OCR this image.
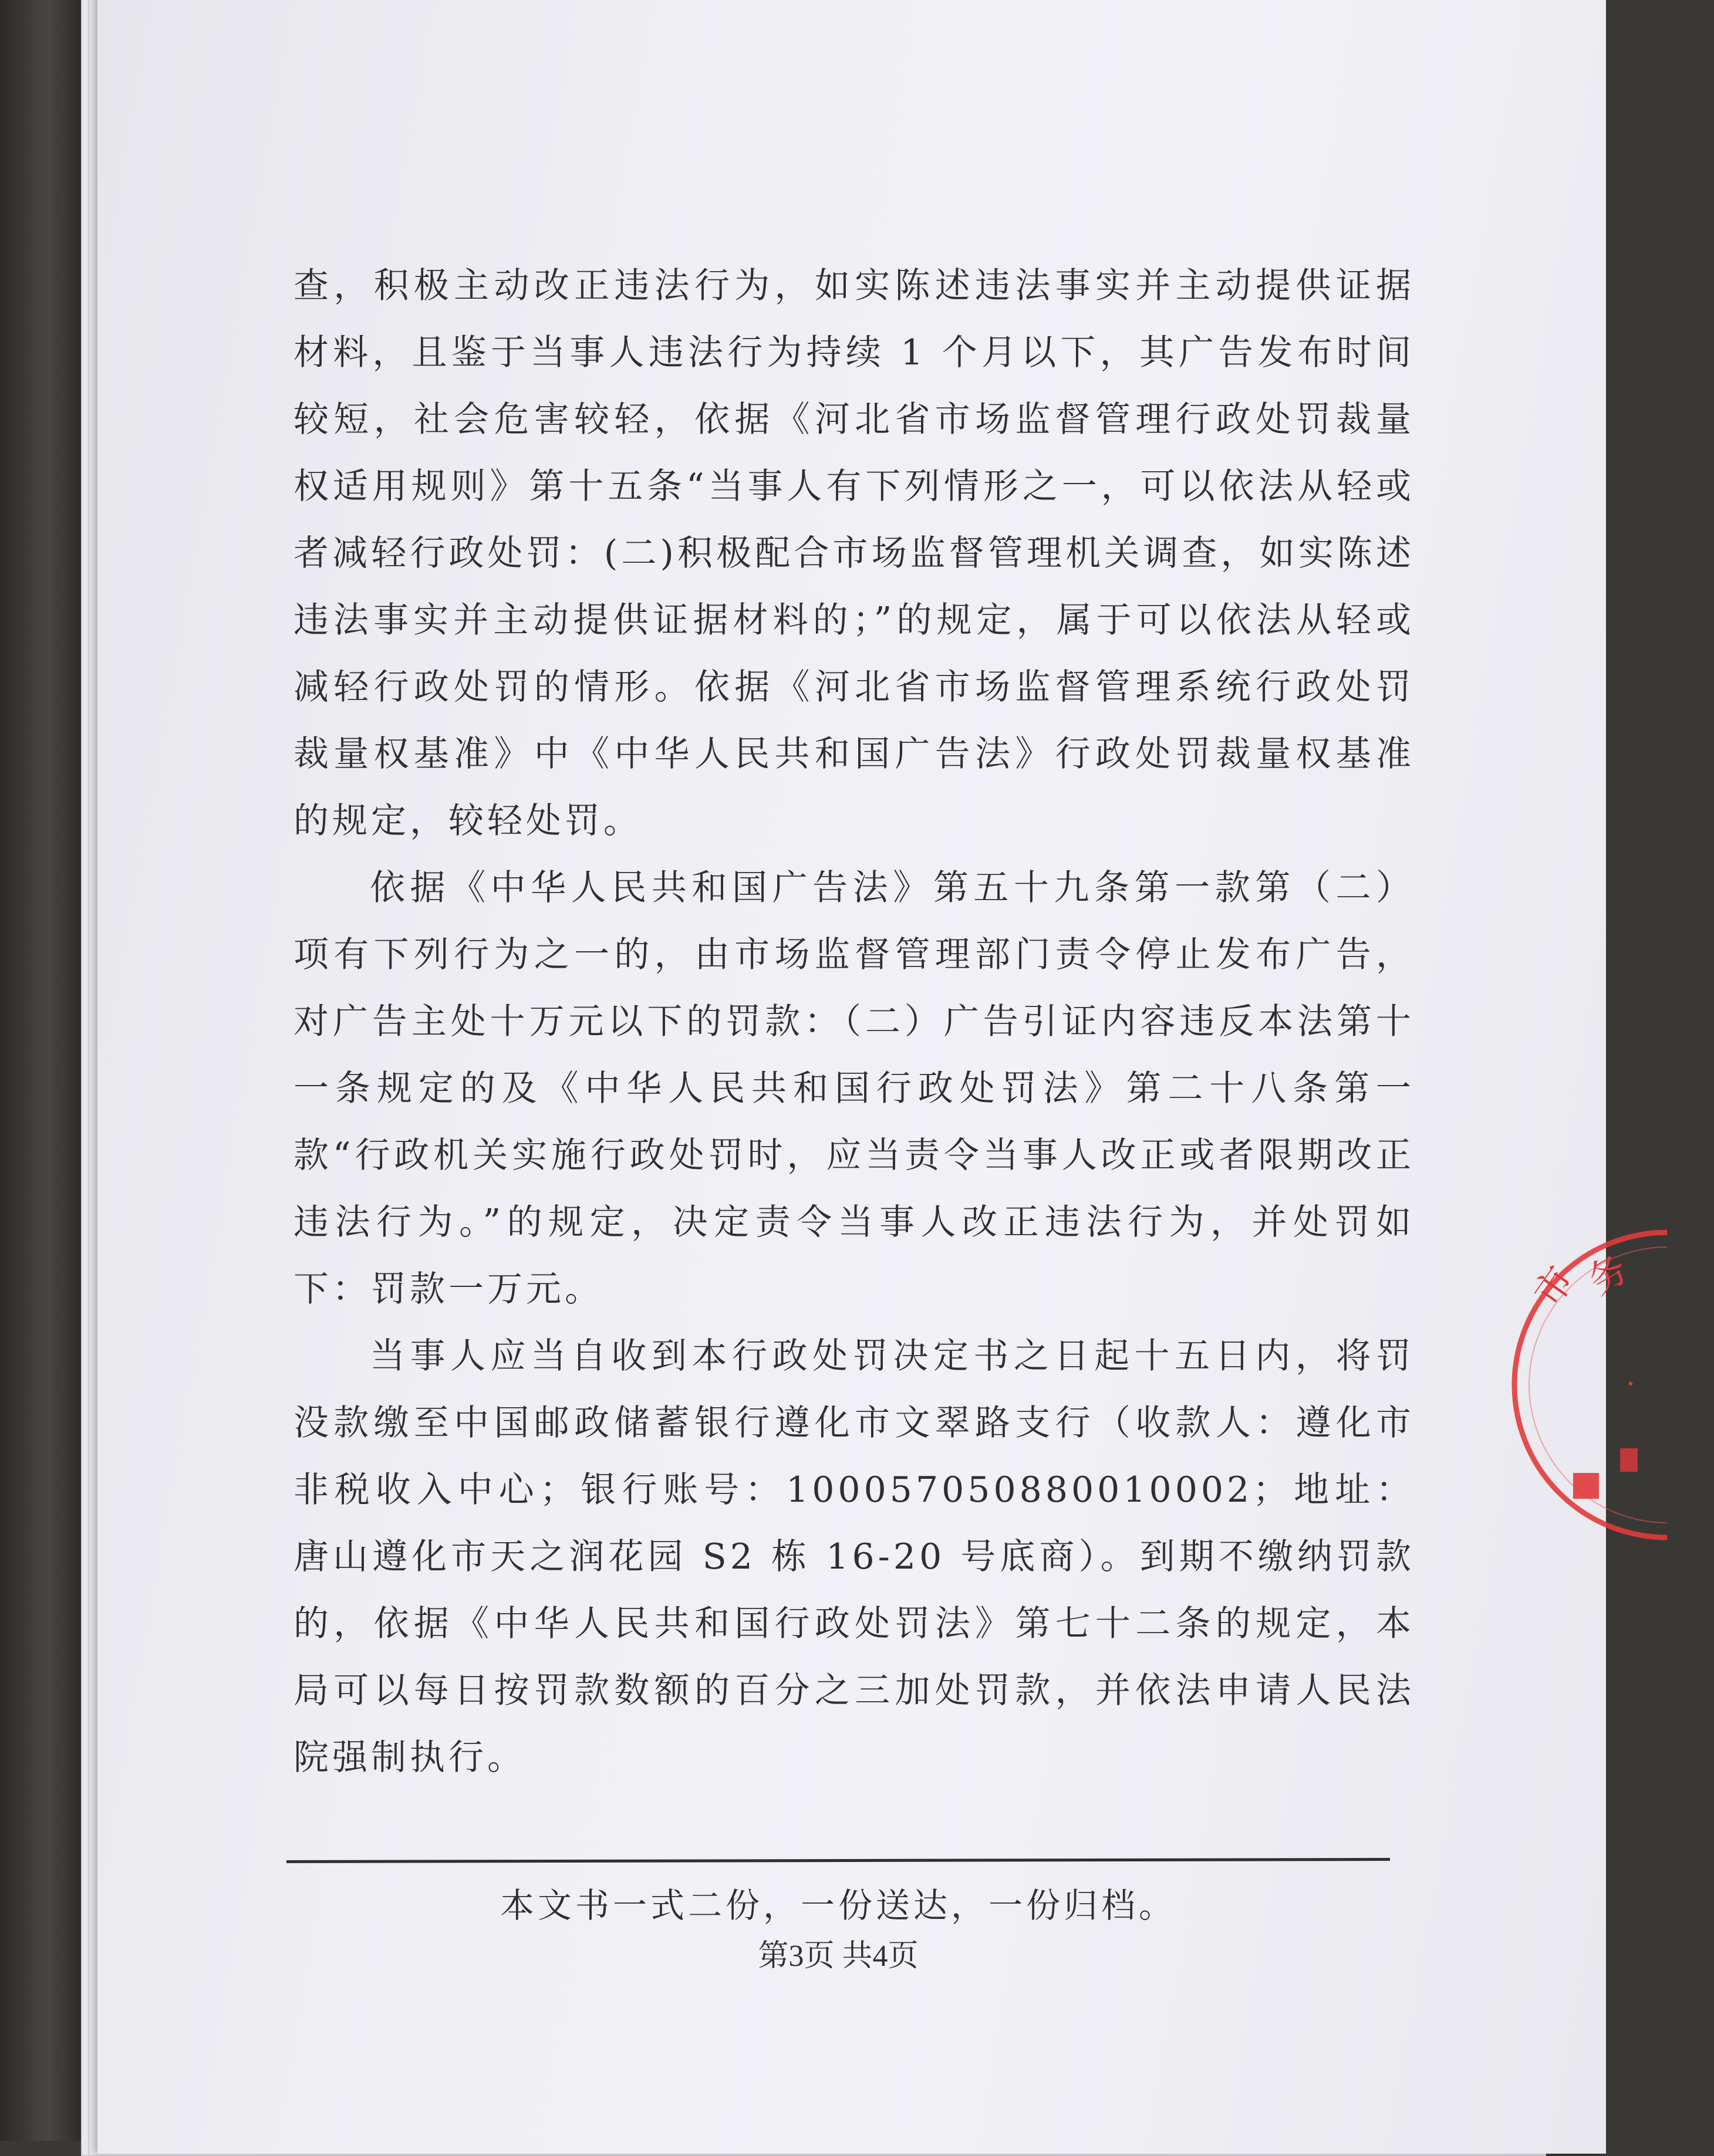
查，积极主动改正违法行为，如实陈述违法事实并主动提供证据材料，且鉴于当事人违法行为持续 1 个月以下，其广告发布时间较短，社会危害较轻，依据《河北省市场监督管理行政处罚裁量权适用规则》第十五条“当事人有下列情形之一，可以依法从轻或者减轻行政处罚：(二)积极配合市场监督管理机关调查，如实陈述违法事实并主动提供证据材料的；”的规定，属于可以依法从轻或减轻行政处罚的情形。依据《河北省市场监督管理系统行政处罚裁量权基准》中《中华人民共和国广告法》行政处罚裁量权基准的规定，较轻处罚。

依据《中华人民共和国广告法》第五十九条第一款第（二）项有下列行为之一的，由市场监督管理部门责令停止发布广告，对广告主处十万元以下的罚款：（二）广告引证内容违反本法第十一条规定的及《中华人民共和国行政处罚法》第二十八条第一款“行政机关实施行政处罚时，应当责令当事人改正或者限期改正违法行为。”的规定，决定责令当事人改正违法行为，并处罚如下：罚款一万元。

当事人应当自收到本行政处罚决定书之日起十五日内，将罚没款缴至中国邮政储蓄银行遵化市文翠路支行（收款人：遵化市非税收入中心；银行账号：100057050880010002；地址：唐山遵化市天之润花园 S2 栋 16-20 号底商）。到期不缴纳罚款的，依据《中华人民共和国行政处罚法》第七十二条的规定，本局可以每日按罚款数额的百分之三加处罚款，并依法申请人民法院强制执行。

本文书一式二份，一份送达，一份归档。
第3页 共4页
市
务
·
